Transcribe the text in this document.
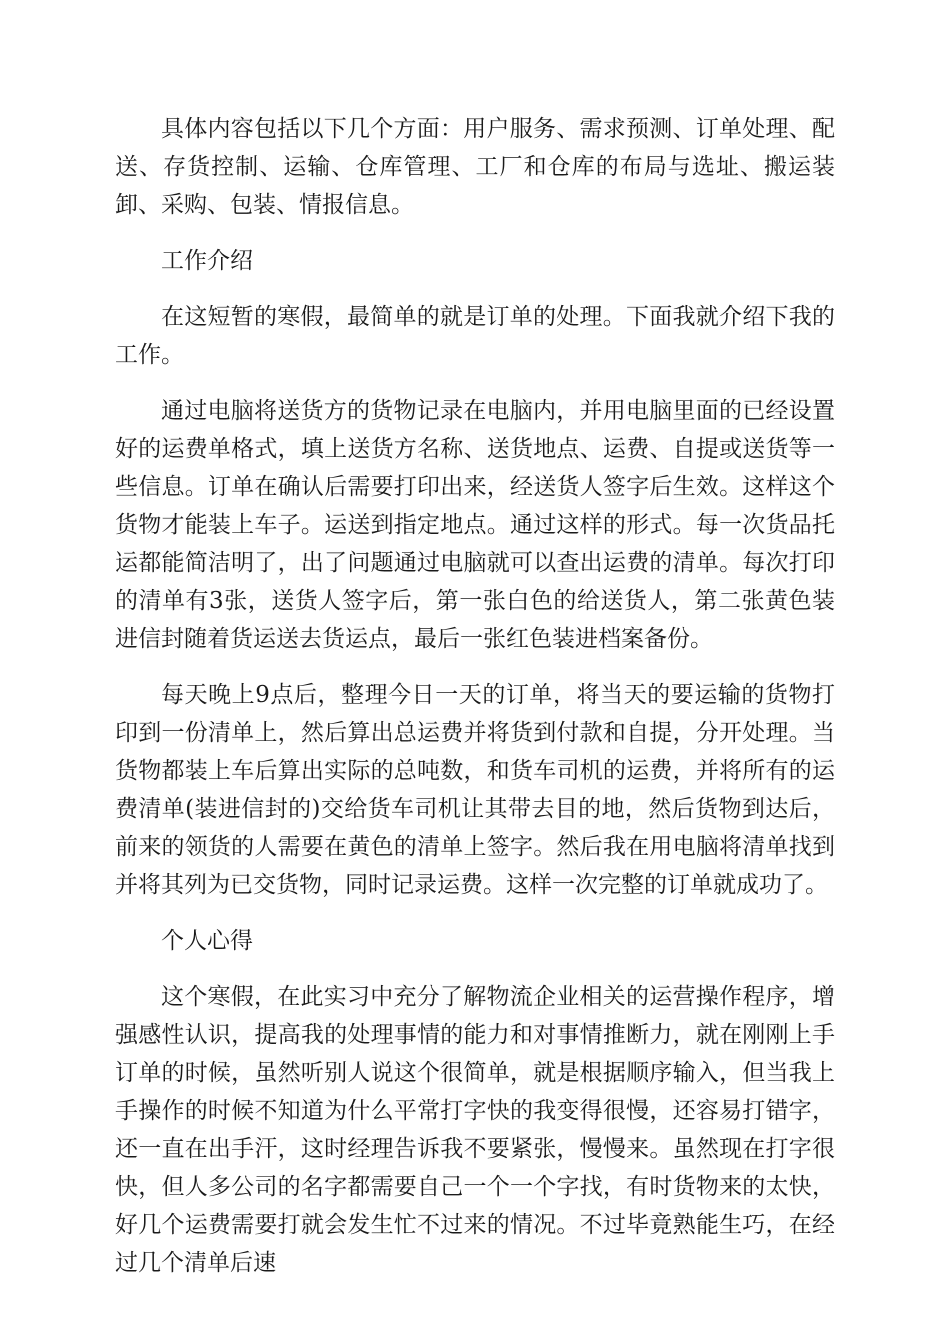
具体内容包括以下几个方面：用户服务、需求预测、订单处理、配送、存货控制、运输、仓库管理、工厂和仓库的布局与选址、搬运装卸、采购、包装、情报信息。

工作介绍

在这短暂的寒假，最简单的就是订单的处理。下面我就介绍下我的工作。

通过电脑将送货方的货物记录在电脑内，并用电脑里面的已经设置好的运费单格式，填上送货方名称、送货地点、运费、自提或送货等一些信息。订单在确认后需要打印出来，经送货人签字后生效。这样这个货物才能装上车子。运送到指定地点。通过这样的形式。每一次货品托运都能简洁明了，出了问题通过电脑就可以查出运费的清单。每次打印的清单有3张，送货人签字后，第一张白色的给送货人，第二张黄色装进信封随着货运送去货运点，最后一张红色装进档案备份。

每天晚上9点后，整理今日一天的订单，将当天的要运输的货物打印到一份清单上，然后算出总运费并将货到付款和自提，分开处理。当货物都装上车后算出实际的总吨数，和货车司机的运费，并将所有的运费清单(装进信封的)交给货车司机让其带去目的地，然后货物到达后，前来的领货的人需要在黄色的清单上签字。然后我在用电脑将清单找到并将其列为已交货物，同时记录运费。这样一次完整的订单就成功了。

个人心得

这个寒假，在此实习中充分了解物流企业相关的运营操作程序，增强感性认识，提高我的处理事情的能力和对事情推断力，就在刚刚上手订单的时候，虽然听别人说这个很简单，就是根据顺序输入，但当我上手操作的时候不知道为什么平常打字快的我变得很慢，还容易打错字，还一直在出手汗，这时经理告诉我不要紧张，慢慢来。虽然现在打字很快，但人多公司的名字都需要自己一个一个字找，有时货物来的太快，好几个运费需要打就会发生忙不过来的情况。不过毕竟熟能生巧，在经过几个清单后速
